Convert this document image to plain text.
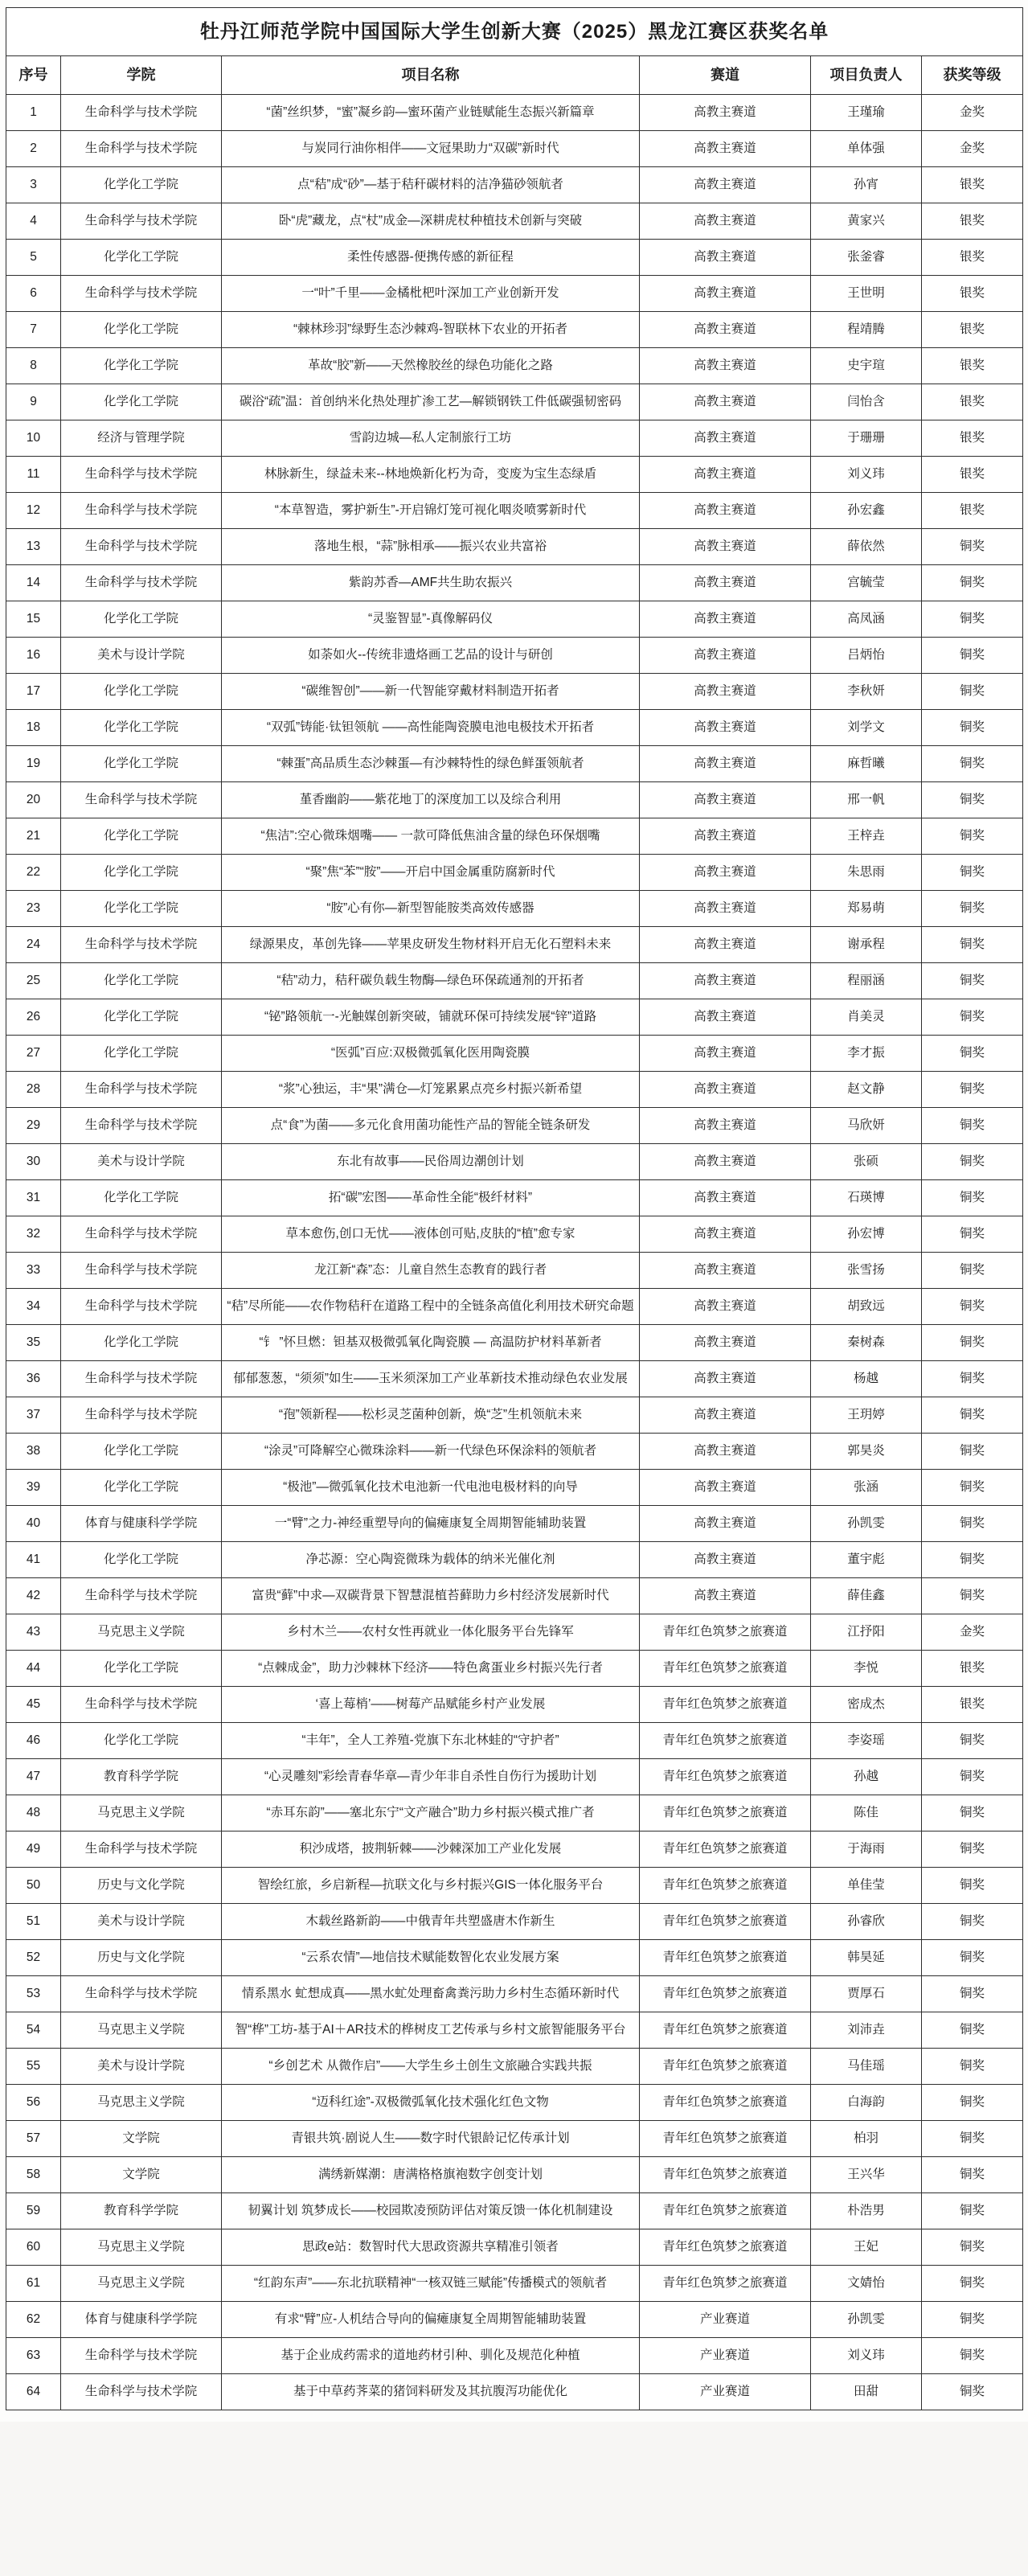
牡丹江师范学院中国国际大学生创新大赛（2025）黑龙江赛区获奖名单					
序号	学院	项目名称	赛道	项目负责人	获奖等级
1	生命科学与技术学院	“菌”丝织梦，“蜜”凝乡韵—蜜环菌产业链赋能生态振兴新篇章	高教主赛道	王瑾瑜	金奖
2	生命科学与技术学院	与炭同行油你相伴——文冠果助力“双碳”新时代	高教主赛道	单体强	金奖
3	化学化工学院	点“秸”成“砂”—基于秸秆碳材料的洁净猫砂领航者	高教主赛道	孙宵	银奖
4	生命科学与技术学院	卧“虎”藏龙，点“杖”成金—深耕虎杖种植技术创新与突破	高教主赛道	黄家兴	银奖
5	化学化工学院	柔性传感器-便携传感的新征程	高教主赛道	张釜睿	银奖
6	生命科学与技术学院	一“叶”千里——金橘枇杷叶深加工产业创新开发	高教主赛道	王世明	银奖
7	化学化工学院	“棘林珍羽”绿野生态沙棘鸡-智联林下农业的开拓者	高教主赛道	程靖腾	银奖
8	化学化工学院	革故“胶”新——天然橡胶丝的绿色功能化之路	高教主赛道	史宇瑄	银奖
9	化学化工学院	碳浴“疏”温：首创纳米化热处理扩渗工艺—解锁钢铁工件低碳强韧密码	高教主赛道	闫怡含	银奖
10	经济与管理学院	雪韵边城—私人定制旅行工坊	高教主赛道	于珊珊	银奖
11	生命科学与技术学院	林脉新生，绿益未来--林地焕新化朽为奇，变废为宝生态绿盾	高教主赛道	刘义玮	银奖
12	生命科学与技术学院	“本草智造，雾护新生”-开启锦灯笼可视化咽炎喷雾新时代	高教主赛道	孙宏鑫	银奖
13	生命科学与技术学院	落地生根，“蒜”脉相承——振兴农业共富裕	高教主赛道	薛依然	铜奖
14	生命科学与技术学院	紫韵苏香—AMF共生助农振兴	高教主赛道	宫毓莹	铜奖
15	化学化工学院	“灵鉴智显”-真像解码仪	高教主赛道	高凤涵	铜奖
16	美术与设计学院	如荼如火--传统非遗烙画工艺品的设计与研创	高教主赛道	吕炳怡	铜奖
17	化学化工学院	“碳维智创”——新一代智能穿戴材料制造开拓者	高教主赛道	李秋妍	铜奖
18	化学化工学院	“双弧”铸能·钛钽领航 ——高性能陶瓷膜电池电极技术开拓者	高教主赛道	刘学文	铜奖
19	化学化工学院	“棘蛋”高品质生态沙棘蛋—有沙棘特性的绿色鲜蛋领航者	高教主赛道	麻哲曦	铜奖
20	生命科学与技术学院	堇香幽韵——紫花地丁的深度加工以及综合利用	高教主赛道	邢一帆	铜奖
21	化学化工学院	“焦洁”:空心微珠烟嘴—— 一款可降低焦油含量的绿色环保烟嘴	高教主赛道	王梓垚	铜奖
22	化学化工学院	“聚”焦“苯”“胺”——开启中国金属重防腐新时代	高教主赛道	朱思雨	铜奖
23	化学化工学院	“胺”心有你—新型智能胺类高效传感器	高教主赛道	郑易萌	铜奖
24	生命科学与技术学院	绿源果皮，革创先锋——苹果皮研发生物材料开启无化石塑料未来	高教主赛道	谢承程	铜奖
25	化学化工学院	“秸”动力，秸秆碳负载生物酶—绿色环保疏通剂的开拓者	高教主赛道	程丽涵	铜奖
26	化学化工学院	“铋”路领航一-光触媒创新突破，铺就环保可持续发展“锌”道路	高教主赛道	肖美灵	铜奖
27	化学化工学院	“医弧”百应:双极微弧氧化医用陶瓷膜	高教主赛道	李才振	铜奖
28	生命科学与技术学院	“浆”心独运，丰“果”满仓—灯笼累累点亮乡村振兴新希望	高教主赛道	赵文静	铜奖
29	生命科学与技术学院	点“食”为菌——多元化食用菌功能性产品的智能全链条研发	高教主赛道	马欣妍	铜奖
30	美术与设计学院	东北有故事——民俗周边潮创计划	高教主赛道	张硕	铜奖
31	化学化工学院	拓“碳”宏图——革命性全能“极纤材料”	高教主赛道	石瑛博	铜奖
32	生命科学与技术学院	草本愈伤,创口无忧——液体创可贴,皮肤的“植”愈专家	高教主赛道	孙宏博	铜奖
33	生命科学与技术学院	龙江新“森”态：儿童自然生态教育的践行者	高教主赛道	张雪扬	铜奖
34	生命科学与技术学院	“秸”尽所能——农作物秸秆在道路工程中的全链条高值化利用技术研究命题	高教主赛道	胡致远	铜奖
35	化学化工学院	“钅 ”怀旦燃：钽基双极微弧氧化陶瓷膜 — 高温防护材料革新者	高教主赛道	秦树森	铜奖
36	生命科学与技术学院	郁郁葱葱，“须须”如生——玉米须深加工产业革新技术推动绿色农业发展	高教主赛道	杨越	铜奖
37	生命科学与技术学院	“孢”领新程——松杉灵芝菌种创新，焕“芝”生机领航未来	高教主赛道	王玥婷	铜奖
38	化学化工学院	“涂灵”可降解空心微珠涂料——新一代绿色环保涂料的领航者	高教主赛道	郭昊炎	铜奖
39	化学化工学院	“极池”—微弧氧化技术电池新一代电池电极材料的向导	高教主赛道	张涵	铜奖
40	体育与健康科学学院	一“臂”之力-神经重塑导向的偏瘫康复全周期智能辅助装置	高教主赛道	孙凯雯	铜奖
41	化学化工学院	净芯源：空心陶瓷微珠为载体的纳米光催化剂	高教主赛道	董宇彪	铜奖
42	生命科学与技术学院	富贵“藓”中求—双碳背景下智慧混植苔藓助力乡村经济发展新时代	高教主赛道	薛佳鑫	铜奖
43	马克思主义学院	乡村木兰——农村女性再就业一体化服务平台先锋军	青年红色筑梦之旅赛道	江抒阳	金奖
44	化学化工学院	“点棘成金”，助力沙棘林下经济——特色禽蛋业乡村振兴先行者	青年红色筑梦之旅赛道	李悦	银奖
45	生命科学与技术学院	‘喜上莓梢’——树莓产品赋能乡村产业发展	青年红色筑梦之旅赛道	密成杰	银奖
46	化学化工学院	“丰年”，全人工养殖-党旗下东北林蛙的“守护者”	青年红色筑梦之旅赛道	李姿瑶	铜奖
47	教育科学学院	“心灵雕刻”彩绘青春华章—青少年非自杀性自伤行为援助计划	青年红色筑梦之旅赛道	孙越	铜奖
48	马克思主义学院	“赤耳东韵”——塞北东宁“文产融合”助力乡村振兴模式推广者	青年红色筑梦之旅赛道	陈佳	铜奖
49	生命科学与技术学院	积沙成塔，披荆斩棘——沙棘深加工产业化发展	青年红色筑梦之旅赛道	于海雨	铜奖
50	历史与文化学院	智绘红旅，乡启新程—抗联文化与乡村振兴GIS一体化服务平台	青年红色筑梦之旅赛道	单佳莹	铜奖
51	美术与设计学院	木载丝路新韵——中俄青年共塑盛唐木作新生	青年红色筑梦之旅赛道	孙睿欣	铜奖
52	历史与文化学院	“云系农情”—地信技术赋能数智化农业发展方案	青年红色筑梦之旅赛道	韩昊延	铜奖
53	生命科学与技术学院	情系黑水 虻想成真——黑水虻处理畜禽粪污助力乡村生态循环新时代	青年红色筑梦之旅赛道	贾厚石	铜奖
54	马克思主义学院	智“桦”工坊-基于AI＋AR技术的桦树皮工艺传承与乡村文旅智能服务平台	青年红色筑梦之旅赛道	刘沛垚	铜奖
55	美术与设计学院	“乡创艺术 从微作启”——大学生乡土创生文旅融合实践共振	青年红色筑梦之旅赛道	马佳瑶	铜奖
56	马克思主义学院	“迈科红途”-双极微弧氧化技术强化红色文物	青年红色筑梦之旅赛道	白海韵	铜奖
57	文学院	青银共筑·剧说人生——数字时代银龄记忆传承计划	青年红色筑梦之旅赛道	柏羽	铜奖
58	文学院	满绣新媒潮：唐满格格旗袍数字创变计划	青年红色筑梦之旅赛道	王兴华	铜奖
59	教育科学学院	韧翼计划 筑梦成长——校园欺凌预防评估对策反馈一体化机制建设	青年红色筑梦之旅赛道	朴浩男	铜奖
60	马克思主义学院	思政e站：数智时代大思政资源共享精准引领者	青年红色筑梦之旅赛道	王妃	铜奖
61	马克思主义学院	“红韵东声”——东北抗联精神“一核双链三赋能”传播模式的领航者	青年红色筑梦之旅赛道	文婧怡	铜奖
62	体育与健康科学学院	有求“臂”应-人机结合导向的偏瘫康复全周期智能辅助装置	产业赛道	孙凯雯	铜奖
63	生命科学与技术学院	基于企业成药需求的道地药材引种、驯化及规范化种植	产业赛道	刘义玮	铜奖
64	生命科学与技术学院	基于中草药荠菜的猪饲料研发及其抗腹泻功能优化	产业赛道	田甜	铜奖
